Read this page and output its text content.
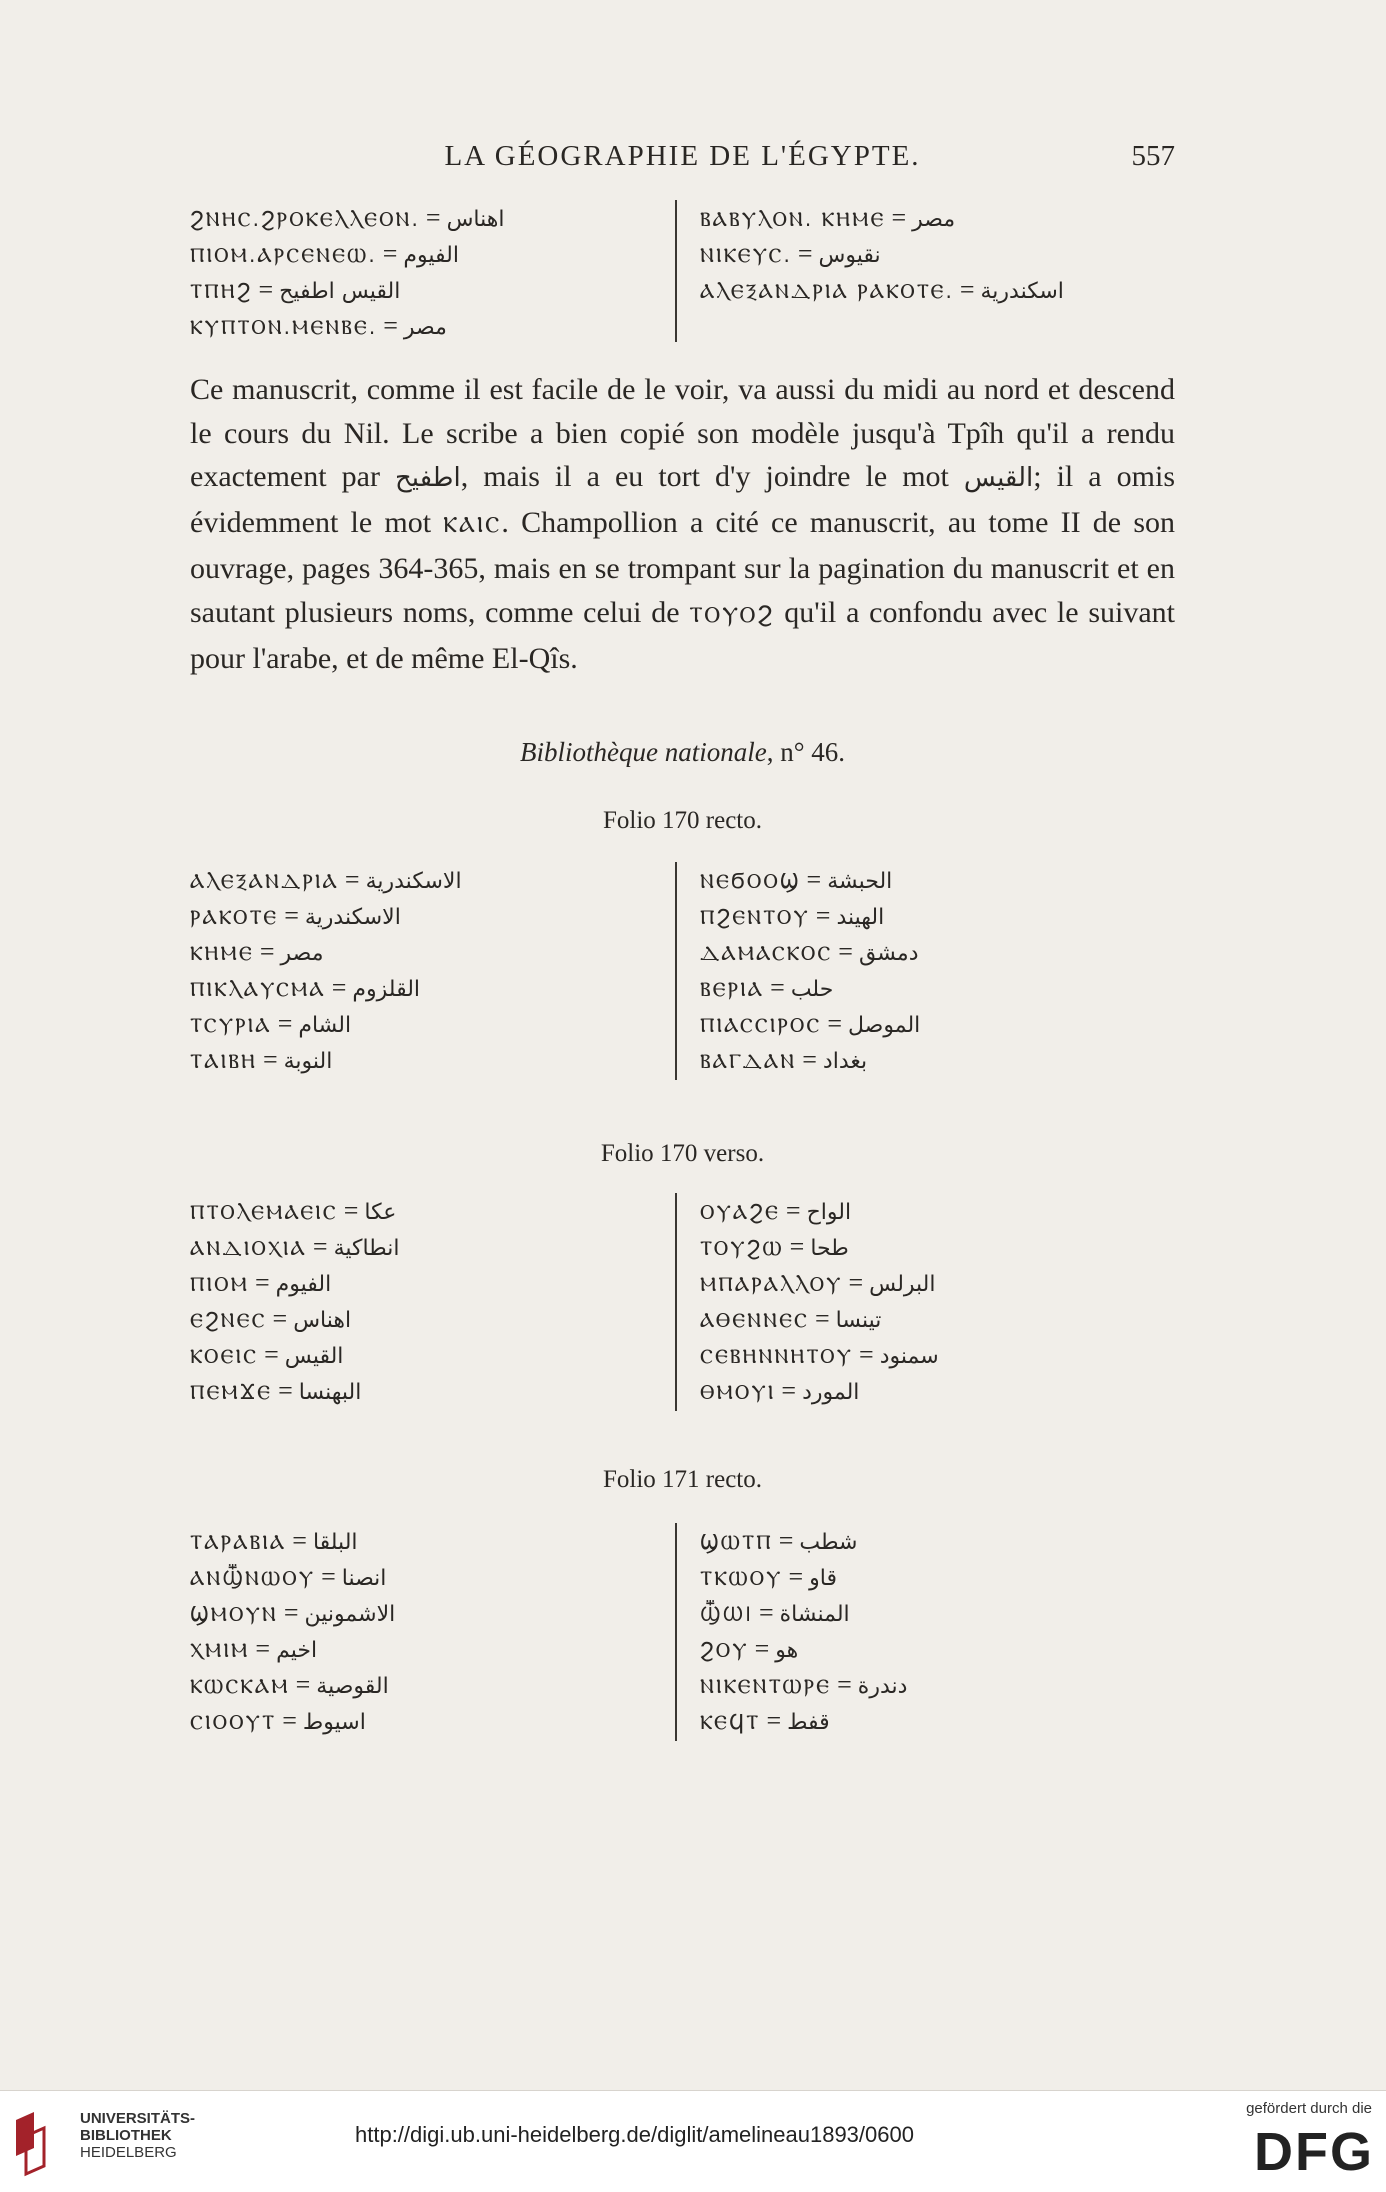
LA GÉOGRAPHIE DE L'ÉGYPTE.	557
ϨⲚⲎⲤ.ϨⲢⲞⲔⲈⲖⲖⲈⲞⲚ. = اهناس
ⲠⲒⲞⲘ.ⲀⲢⲤⲈⲚⲈⲰ. = الفيوم
ⲦⲠⲎϨ = القيس اطفيح
ⲔⲨⲠⲦⲞⲚ.ⲘⲈⲚⲂⲈ. = مصر
ⲂⲀⲂⲨⲖⲞⲚ. ⲔⲎⲘⲈ = مصر
ⲚⲒⲔⲈⲨⲤ. = نقيوس
ⲀⲖⲈⲜⲀⲚⲆⲢⲒⲀ ⲢⲀⲔⲞⲦⲈ. = اسكندرية

Ce manuscrit, comme il est facile de le voir, va aussi du midi au nord et descend le cours du Nil. Le scribe a bien copié son modèle jusqu'à Tpîh qu'il a rendu exactement par اطفيح, mais il a eu tort d'y joindre le mot القيس; il a omis évidemment le mot ⲔⲀⲒⲤ. Champollion a cité ce manuscrit, au tome II de son ouvrage, pages 364-365, mais en se trompant sur la pagination du manuscrit et en sautant plusieurs noms, comme celui de ⲦⲞⲨⲞϨ qu'il a confondu avec le suivant pour l'arabe, et de même El-Qîs.

Bibliothèque nationale, n° 46.
Folio 170 recto.
ⲀⲖⲈⲜⲀⲚⲆⲢⲒⲀ = الاسكندرية
ⲢⲀⲔⲞⲦⲈ = الاسكندرية
ⲔⲎⲘⲈ = مصر
ⲠⲒⲔⲖⲀⲨⲤⲘⲀ = القلزوم
ⲦⲤⲨⲢⲒⲀ = الشام
ⲦⲀⲒⲂⲎ = النوبة
ⲚⲈϬⲞⲞϢ = الحبشة
ⲠϨⲈⲚⲦⲞⲨ = الهيند
ⲆⲀⲘⲀⲤⲔⲞⲤ = دمشق
ⲂⲈⲢⲒⲀ = حلب
ⲠⲒⲀⲤⲤⲒⲢⲞⲤ = الموصل
ⲂⲀⲄⲆⲀⲚ = بغداد
Folio 170 verso.
ⲠⲦⲞⲖⲈⲘⲀⲈⲒⲤ = عكا
ⲀⲚⲆⲒⲞⲬⲒⲀ = انطاكية
ⲠⲒⲞⲘ = الفيوم
ⲈϨⲚⲈⲤ = اهناس
ⲔⲞⲈⲒⲤ = القيس
ⲠⲈⲘϪⲈ = البهنسا
ⲞⲨⲀϨⲈ = الواح
ⲦⲞⲨϨⲰ = طحا
ⲘⲠⲀⲢⲀⲖⲖⲞⲨ = البرلس
ⲀⲐⲈⲚⲚⲈⲤ = تينسا
ⲤⲈⲂⲎⲚⲚⲎⲦⲞⲨ = سمنود
ⲐⲘⲞⲨⲒ = المورد
Folio 171 recto.
ⲦⲀⲢⲀⲂⲒⲀ = البلقا
ⲀⲚⳂⲚⲰⲞⲨ = انصنا
ϢⲘⲞⲨⲚ = الاشمونين
ⲬⲘⲒⲘ = اخيم
ⲔⲰⲤⲔⲀⲘ = القوصية
ⲤⲒⲞⲞⲨⲦ = اسيوط
ϢⲰⲦⲠ = شطب
ⲦⲔⲰⲞⲨ = قاو
ⳂⲰⲒ = المنشاة
ϨⲞⲨ = هو
ⲚⲒⲔⲈⲚⲦⲰⲢⲈ = دندرة
ⲔⲈϤⲦ = قفط
UNIVERSITÄTS-
BIBLIOTHEK
HEIDELBERG
http://digi.ub.uni-heidelberg.de/diglit/amelineau1893/0600
gefördert durch die
DFG
